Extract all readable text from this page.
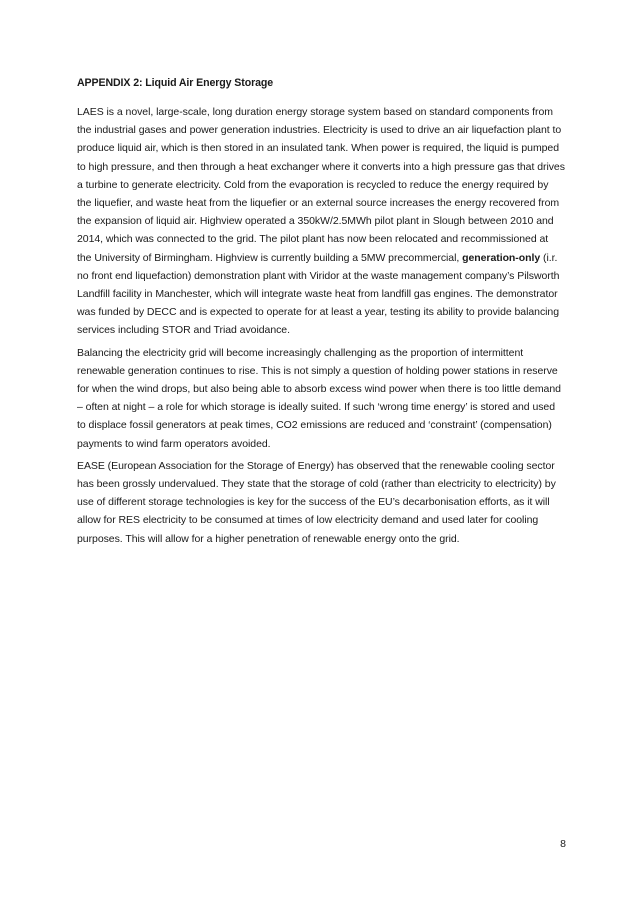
APPENDIX 2: Liquid Air Energy Storage

LAES is a novel, large-scale, long duration energy storage system based on standard components from the industrial gases and power generation industries. Electricity is used to drive an air liquefaction plant to produce liquid air, which is then stored in an insulated tank. When power is required, the liquid is pumped to high pressure, and then through a heat exchanger where it converts into a high pressure gas that drives a turbine to generate electricity. Cold from the evaporation is recycled to reduce the energy required by the liquefier, and waste heat from the liquefier or an external source increases the energy recovered from the expansion of liquid air. Highview operated a 350kW/2.5MWh pilot plant in Slough between 2010 and 2014, which was connected to the grid. The pilot plant has now been relocated and recommissioned at the University of Birmingham. Highview is currently building a 5MW precommercial, generation-only (i.r. no front end liquefaction) demonstration plant with Viridor at the waste management company’s Pilsworth Landfill facility in Manchester, which will integrate waste heat from landfill gas engines. The demonstrator was funded by DECC and is expected to operate for at least a year, testing its ability to provide balancing services including STOR and Triad avoidance.

Balancing the electricity grid will become increasingly challenging as the proportion of intermittent renewable generation continues to rise. This is not simply a question of holding power stations in reserve for when the wind drops, but also being able to absorb excess wind power when there is too little demand – often at night – a role for which storage is ideally suited. If such ‘wrong time energy’ is stored and used to displace fossil generators at peak times, CO2 emissions are reduced and ‘constraint’ (compensation) payments to wind farm operators avoided.

EASE (European Association for the Storage of Energy) has observed that the renewable cooling sector has been grossly undervalued. They state that the storage of cold (rather than electricity to electricity) by use of different storage technologies is key for the success of the EU’s decarbonisation efforts, as it will allow for RES electricity to be consumed at times of low electricity demand and used later for cooling purposes. This will allow for a higher penetration of renewable energy onto the grid.

8
